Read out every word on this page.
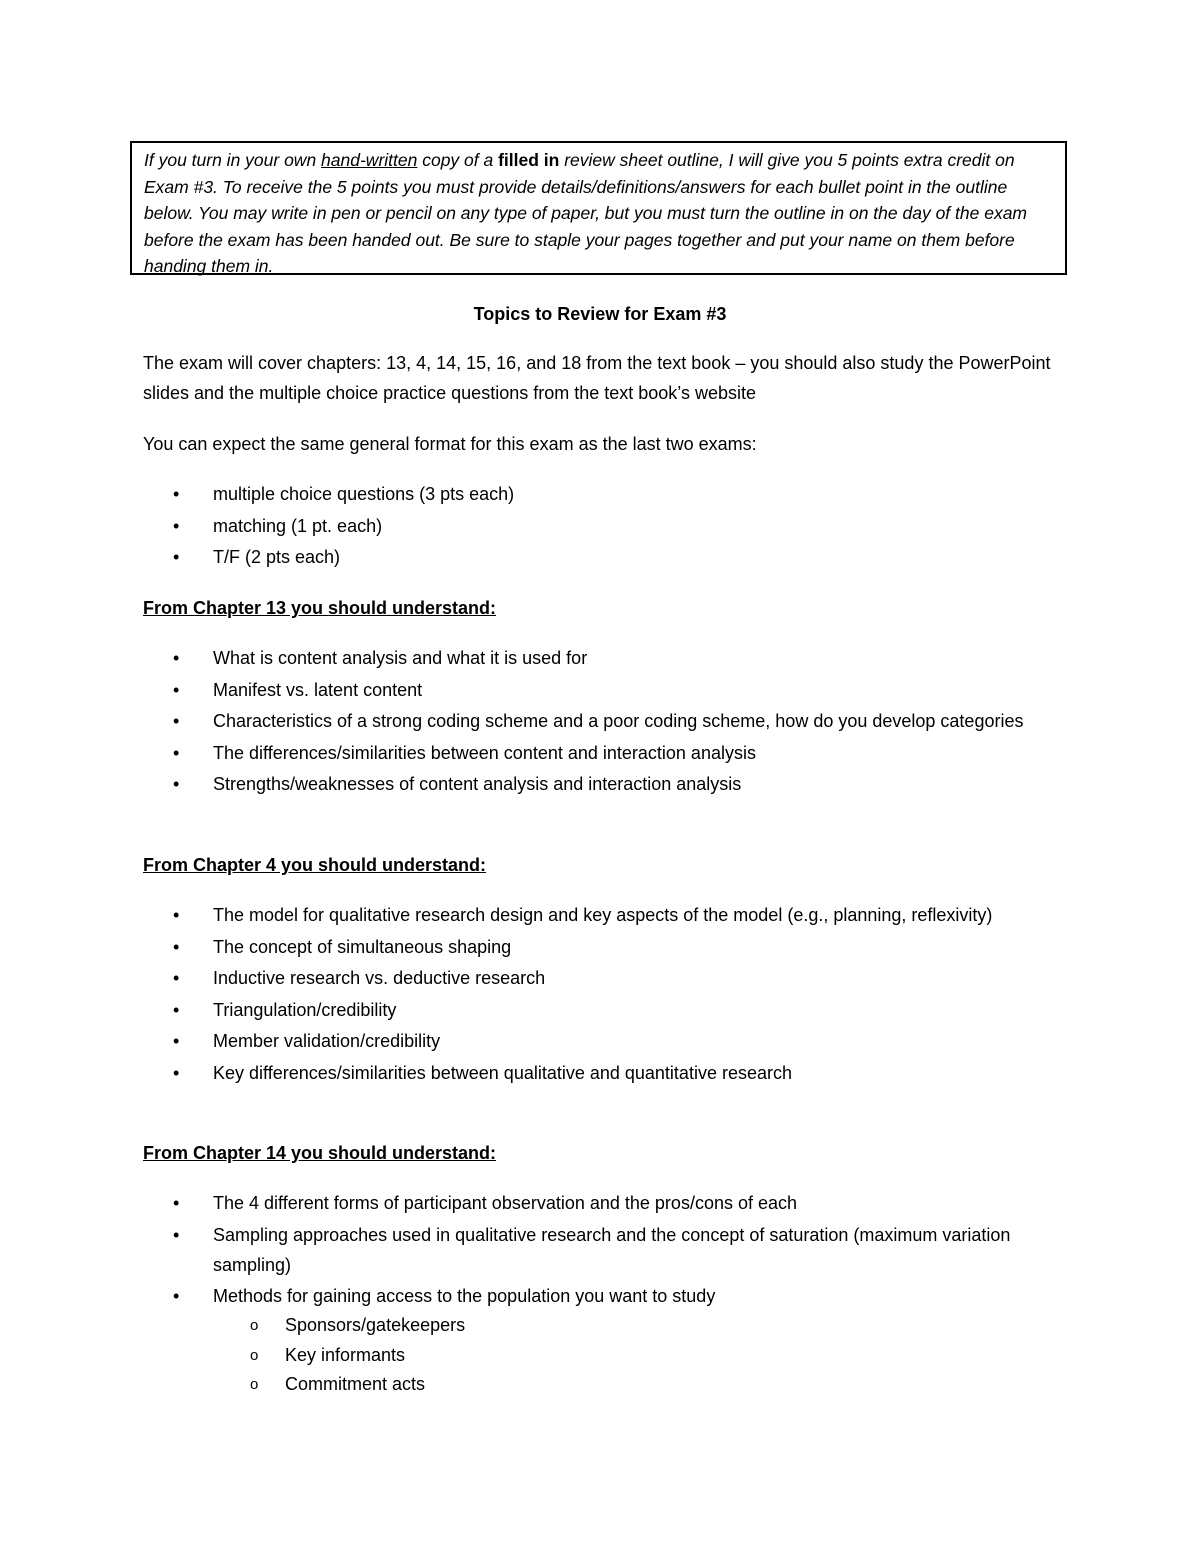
If you turn in your own hand-written copy of a filled in review sheet outline, I will give you 5 points extra credit on Exam #3. To receive the 5 points you must provide details/definitions/answers for each bullet point in the outline below. You may write in pen or pencil on any type of paper, but you must turn the outline in on the day of the exam before the exam has been handed out. Be sure to staple your pages together and put your name on them before handing them in.
Topics to Review for Exam #3
The exam will cover chapters: 13, 4, 14, 15, 16, and 18 from the text book – you should also study the PowerPoint slides and the multiple choice practice questions from the text book’s website
You can expect the same general format for this exam as the last two exams:
• multiple choice questions (3 pts each)
• matching (1 pt. each)
• T/F (2 pts each)
From Chapter 13 you should understand:
• What is content analysis and what it is used for
• Manifest vs. latent content
• Characteristics of a strong coding scheme and a poor coding scheme, how do you develop categories
• The differences/similarities between content and interaction analysis
• Strengths/weaknesses of content analysis and interaction analysis
From Chapter 4 you should understand:
• The model for qualitative research design and key aspects of the model (e.g., planning, reflexivity)
• The concept of simultaneous shaping
• Inductive research vs. deductive research
• Triangulation/credibility
• Member validation/credibility
• Key differences/similarities between qualitative and quantitative research
From Chapter 14 you should understand:
• The 4 different forms of participant observation and the pros/cons of each
• Sampling approaches used in qualitative research and the concept of saturation (maximum variation sampling)
• Methods for gaining access to the population you want to study
o Sponsors/gatekeepers
o Key informants
o Commitment acts
